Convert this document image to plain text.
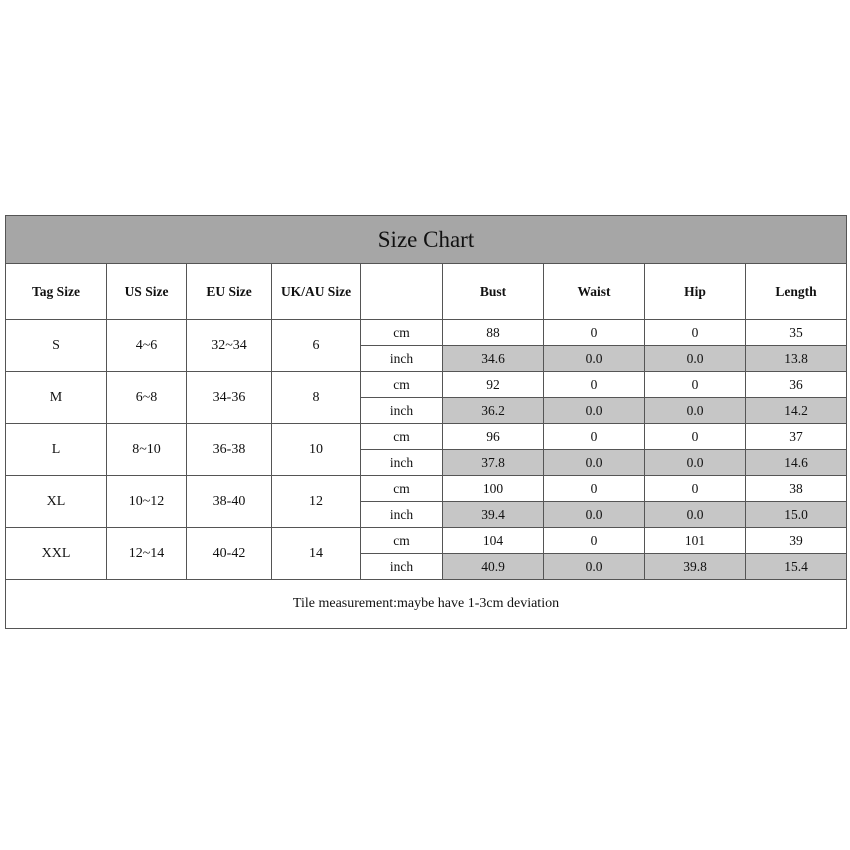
Size Chart								
Tag Size	US Size	EU Size	UK/AU Size		Bust	Waist	Hip	Length
S	4~6	32~34	6	cm	88	0	0	35
				inch	34.6	0.0	0.0	13.8
M	6~8	34-36	8	cm	92	0	0	36
				inch	36.2	0.0	0.0	14.2
L	8~10	36-38	10	cm	96	0	0	37
				inch	37.8	0.0	0.0	14.6
XL	10~12	38-40	12	cm	100	0	0	38
				inch	39.4	0.0	0.0	15.0
XXL	12~14	40-42	14	cm	104	0	101	39
				inch	40.9	0.0	39.8	15.4
Tile measurement:maybe have 1-3cm deviation								
